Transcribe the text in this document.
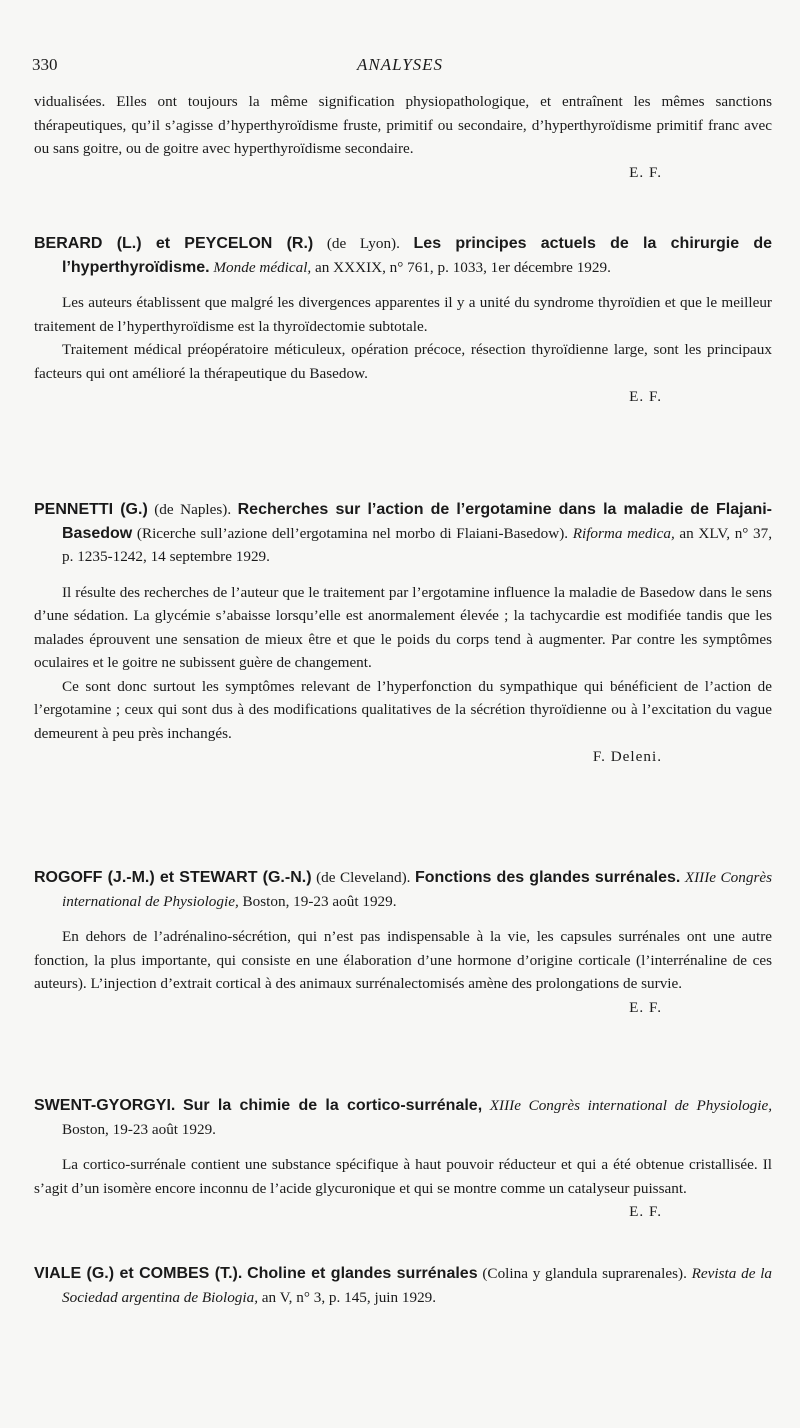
330	ANALYSES

vidualisées. Elles ont toujours la même signification physiopathologique, et entraînent les mêmes sanctions thérapeutiques, qu’il s’agisse d’hyperthyroïdisme fruste, primitif ou secondaire, d’hyperthyroïdisme primitif franc avec ou sans goitre, ou de goitre avec hyperthyroïdisme secondaire.

E. F.

BERARD (L.) et PEYCELON (R.) (de Lyon). Les principes actuels de la chirurgie de l’hyperthyroïdisme. Monde médical, an XXXIX, n° 761, p. 1033, 1er décembre 1929.

Les auteurs établissent que malgré les divergences apparentes il y a unité du syndrome thyroïdien et que le meilleur traitement de l’hyperthyroïdisme est la thyroïdectomie subtotale.

Traitement médical préopératoire méticuleux, opération précoce, résection thyroïdienne large, sont les principaux facteurs qui ont amélioré la thérapeutique du Basedow.

E. F.

PENNETTI (G.) (de Naples). Recherches sur l’action de l’ergotamine dans la maladie de Flajani-Basedow (Ricerche sull’azione dell’ergotamina nel morbo di Flaiani-Basedow). Riforma medica, an XLV, n° 37, p. 1235-1242, 14 septembre 1929.

Il résulte des recherches de l’auteur que le traitement par l’ergotamine influence la maladie de Basedow dans le sens d’une sédation. La glycémie s’abaisse lorsqu’elle est anormalement élevée ; la tachycardie est modifiée tandis que les malades éprouvent une sensation de mieux être et que le poids du corps tend à augmenter. Par contre les symptômes oculaires et le goitre ne subissent guère de changement.

Ce sont donc surtout les symptômes relevant de l’hyperfonction du sympathique qui bénéficient de l’action de l’ergotamine ; ceux qui sont dus à des modifications qualitatives de la sécrétion thyroïdienne ou à l’excitation du vague demeurent à peu près inchangés.

F. Deleni.

ROGOFF (J.-M.) et STEWART (G.-N.) (de Cleveland). Fonctions des glandes surrénales. XIIIe Congrès international de Physiologie, Boston, 19-23 août 1929.

En dehors de l’adrénalino-sécrétion, qui n’est pas indispensable à la vie, les capsules surrénales ont une autre fonction, la plus importante, qui consiste en une élaboration d’une hormone d’origine corticale (l’interrénaline de ces auteurs). L’injection d’extrait cortical à des animaux surrénalectomisés amène des prolongations de survie.

E. F.

SWENT-GYORGYI. Sur la chimie de la cortico-surrénale, XIIIe Congrès international de Physiologie, Boston, 19-23 août 1929.

La cortico-surrénale contient une substance spécifique à haut pouvoir réducteur et qui a été obtenue cristallisée. Il s’agit d’un isomère encore inconnu de l’acide glycuronique et qui se montre comme un catalyseur puissant.

E. F.

VIALE (G.) et COMBES (T.). Choline et glandes surrénales (Colina y glandula suprarenales). Revista de la Sociedad argentina de Biologia, an V, n° 3, p. 145, juin 1929.
